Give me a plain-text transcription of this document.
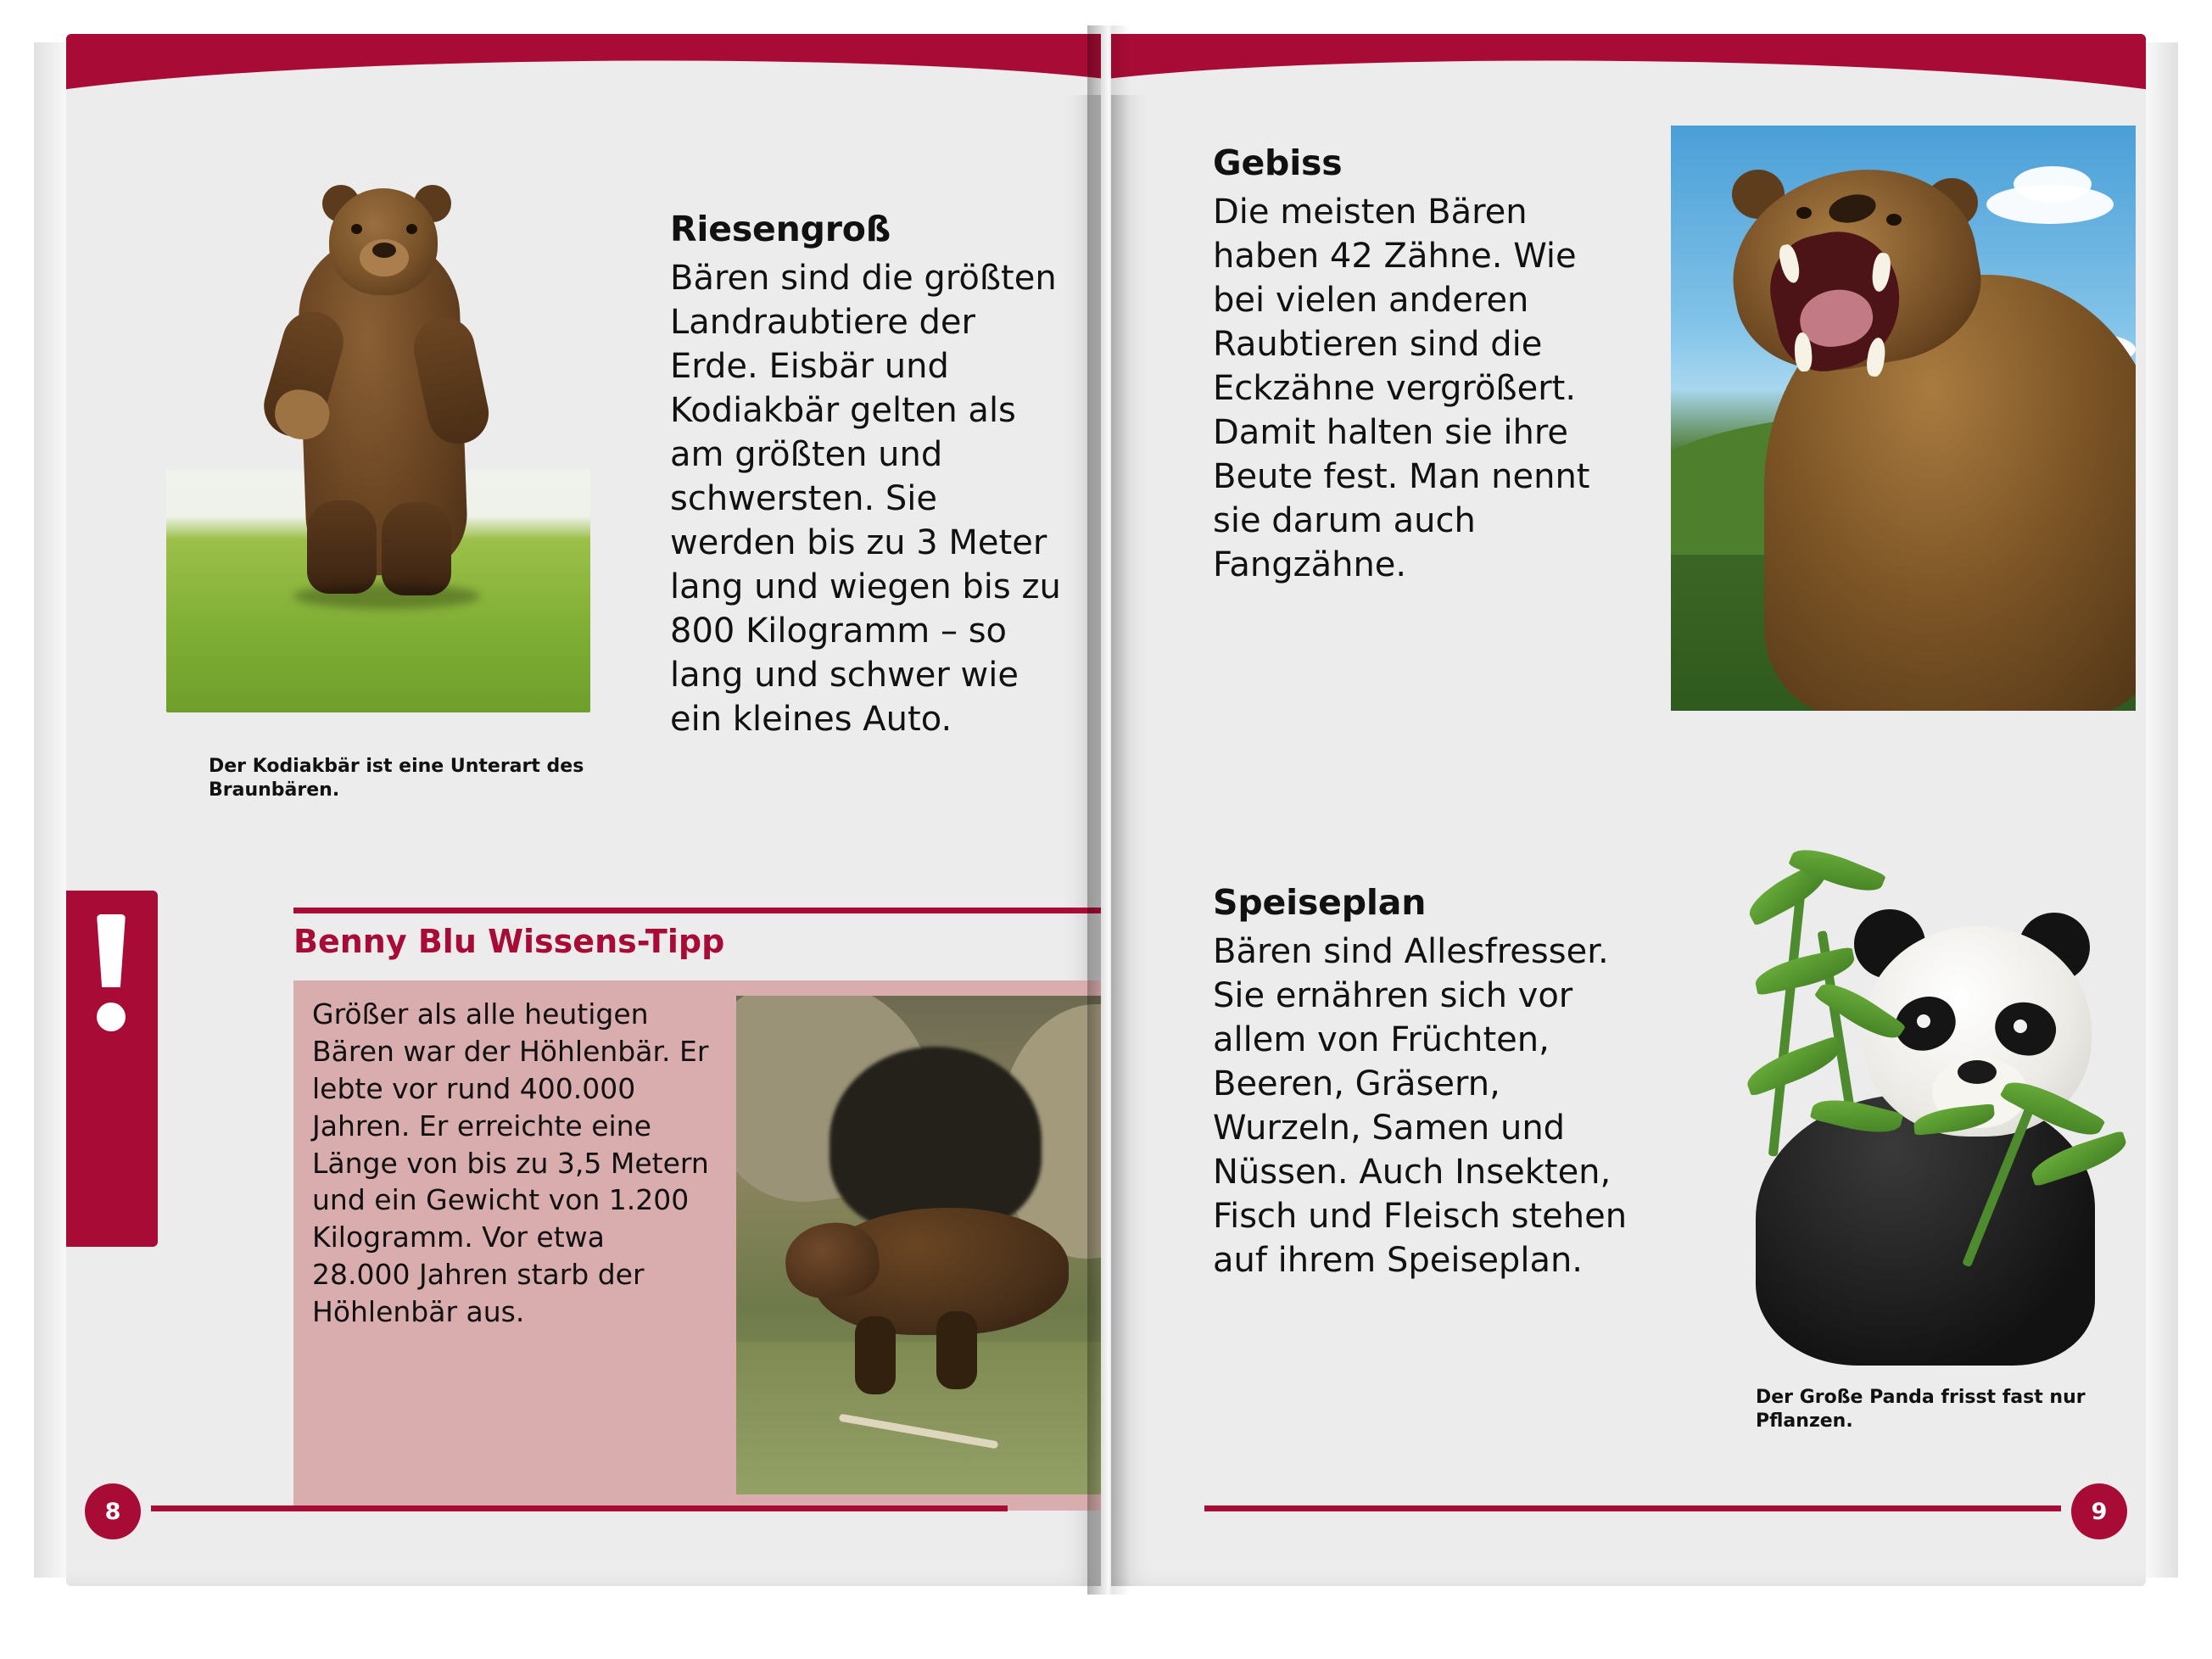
Der Kodiakbär ist eine Unterart des Braunbären.
Riesengroß

Bären sind die größten Landraubtiere der Erde. Eisbär und Kodiakbär gelten als am größten und schwersten. Sie werden bis zu 3 Meter lang und wiegen bis zu 800 Kilogramm – so lang und schwer wie ein kleines Auto.

Benny Blu Wissens-Tipp
Größer als alle heutigen Bären war der Höhlenbär. Er lebte vor rund 400.000 Jahren. Er erreichte eine Länge von bis zu 3,5 Metern und ein Gewicht von 1.200 Kilogramm. Vor etwa 28.000 Jahren starb der Höhlenbär aus.
8
Gebiss

Die meisten Bären haben 42 Zähne. Wie bei vielen anderen Raubtieren sind die Eckzähne vergrößert. Damit halten sie ihre Beute fest. Man nennt sie darum auch Fangzähne.

Speiseplan

Bären sind Allesfresser. Sie ernähren sich vor allem von Früchten, Beeren, Gräsern, Wurzeln, Samen und Nüssen. Auch Insekten, Fisch und Fleisch stehen auf ihrem Speiseplan.

Der Große Panda frisst fast nur Pflanzen.
9
